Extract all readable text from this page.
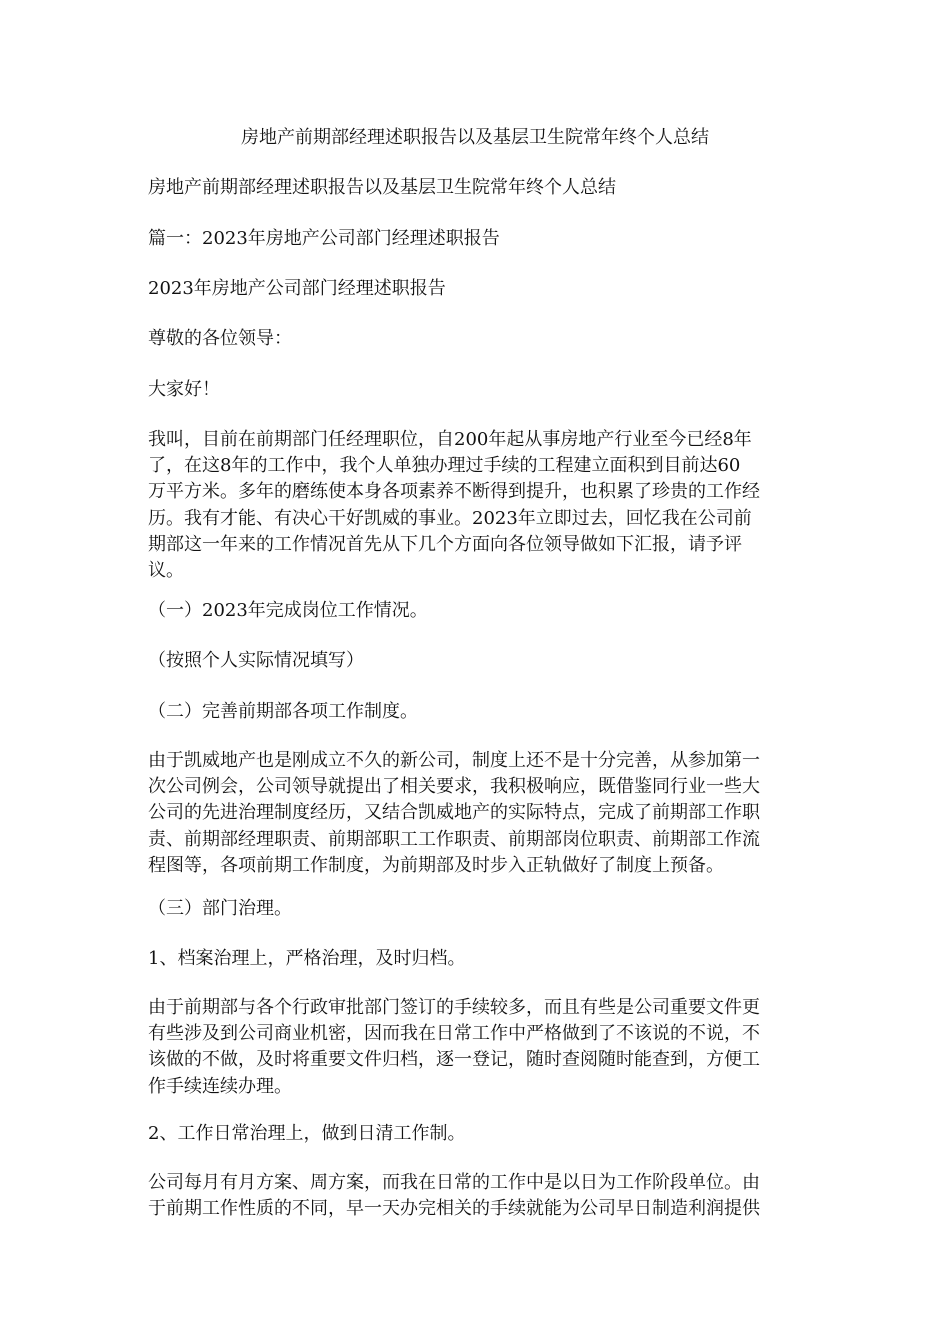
房地产前期部经理述职报告以及基层卫生院常年终个人总结

房地产前期部经理述职报告以及基层卫生院常年终个人总结

篇一：2023年房地产公司部门经理述职报告

2023年房地产公司部门经理述职报告

尊敬的各位领导：

大家好！

我叫，目前在前期部门任经理职位，自200年起从事房地产行业至今已经8年
了，在这8年的工作中，我个人单独办理过手续的工程建立面积到目前达60
万平方米。多年的磨练使本身各项素养不断得到提升，也积累了珍贵的工作经
历。我有才能、有决心干好凯威的事业。2023年立即过去，回忆我在公司前
期部这一年来的工作情况首先从下几个方面向各位领导做如下汇报，请予评
议。

（一）2023年完成岗位工作情况。

（按照个人实际情况填写）

（二）完善前期部各项工作制度。

由于凯威地产也是刚成立不久的新公司，制度上还不是十分完善，从参加第一
次公司例会，公司领导就提出了相关要求，我积极响应，既借鉴同行业一些大
公司的先进治理制度经历，又结合凯威地产的实际特点，完成了前期部工作职
责、前期部经理职责、前期部职工工作职责、前期部岗位职责、前期部工作流
程图等，各项前期工作制度，为前期部及时步入正轨做好了制度上预备。

（三）部门治理。

1、档案治理上，严格治理，及时归档。

由于前期部与各个行政审批部门签订的手续较多，而且有些是公司重要文件更
有些涉及到公司商业机密，因而我在日常工作中严格做到了不该说的不说，不
该做的不做，及时将重要文件归档，逐一登记，随时查阅随时能查到，方便工
作手续连续办理。

2、工作日常治理上，做到日清工作制。

公司每月有月方案、周方案，而我在日常的工作中是以日为工作阶段单位。由
于前期工作性质的不同，早一天办完相关的手续就能为公司早日制造利润提供
